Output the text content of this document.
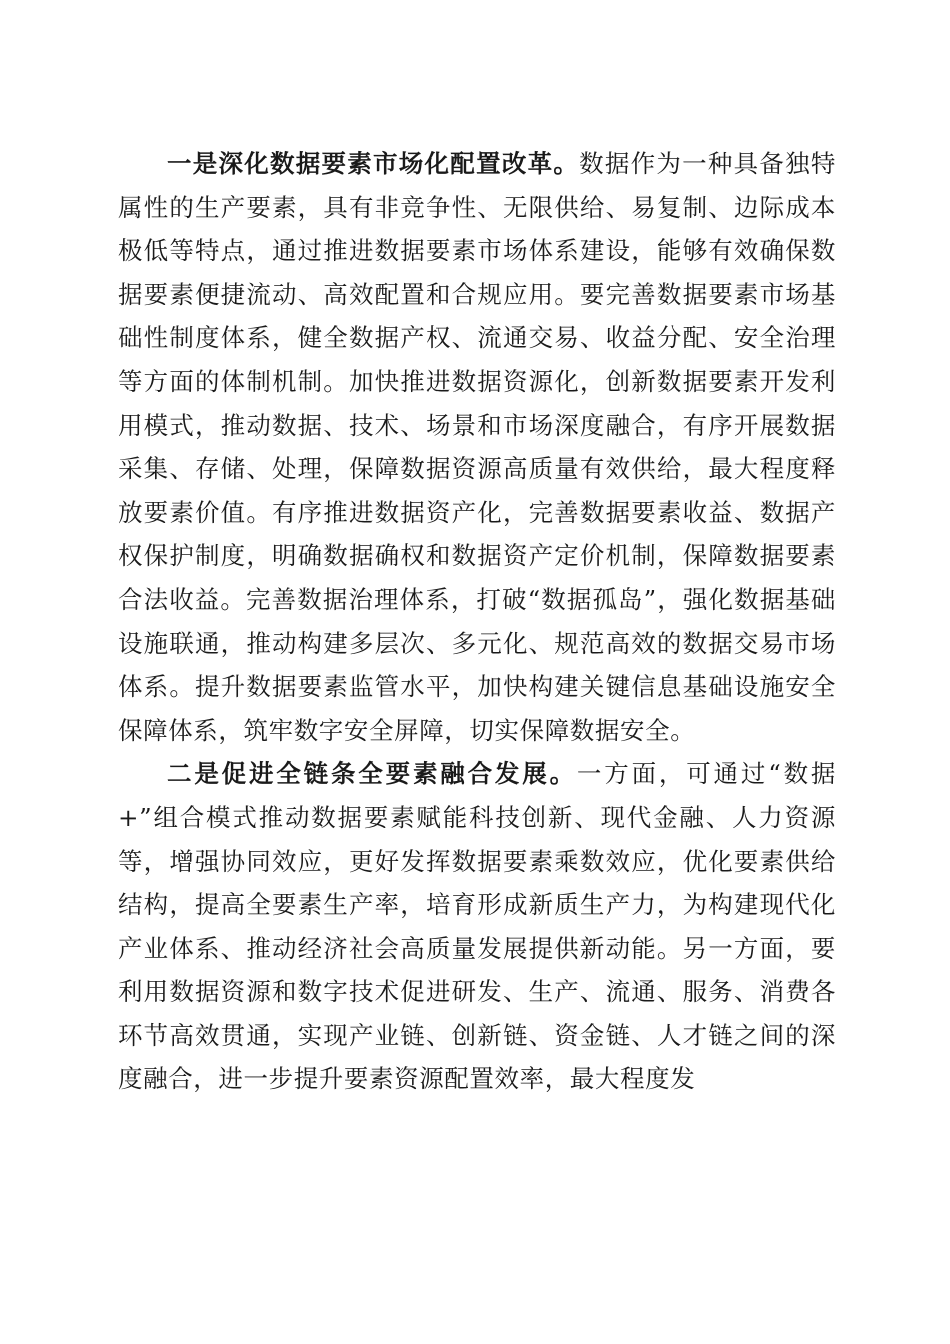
一是深化数据要素市场化配置改革。数据作为一种具备独特属性的生产要素，具有非竞争性、无限供给、易复制、边际成本极低等特点，通过推进数据要素市场体系建设，能够有效确保数据要素便捷流动、高效配置和合规应用。要完善数据要素市场基础性制度体系，健全数据产权、流通交易、收益分配、安全治理等方面的体制机制。加快推进数据资源化，创新数据要素开发利用模式，推动数据、技术、场景和市场深度融合，有序开展数据采集、存储、处理，保障数据资源高质量有效供给，最大程度释放要素价值。有序推进数据资产化，完善数据要素收益、数据产权保护制度，明确数据确权和数据资产定价机制，保障数据要素合法收益。完善数据治理体系，打破“数据孤岛”，强化数据基础设施联通，推动构建多层次、多元化、规范高效的数据交易市场体系。提升数据要素监管水平，加快构建关键信息基础设施安全保障体系，筑牢数字安全屏障，切实保障数据安全。

二是促进全链条全要素融合发展。一方面，可通过“数据+”组合模式推动数据要素赋能科技创新、现代金融、人力资源等，增强协同效应，更好发挥数据要素乘数效应，优化要素供给结构，提高全要素生产率，培育形成新质生产力，为构建现代化产业体系、推动经济社会高质量发展提供新动能。另一方面，要利用数据资源和数字技术促进研发、生产、流通、服务、消费各环节高效贯通，实现产业链、创新链、资金链、人才链之间的深度融合，进一步提升要素资源配置效率，最大程度发
